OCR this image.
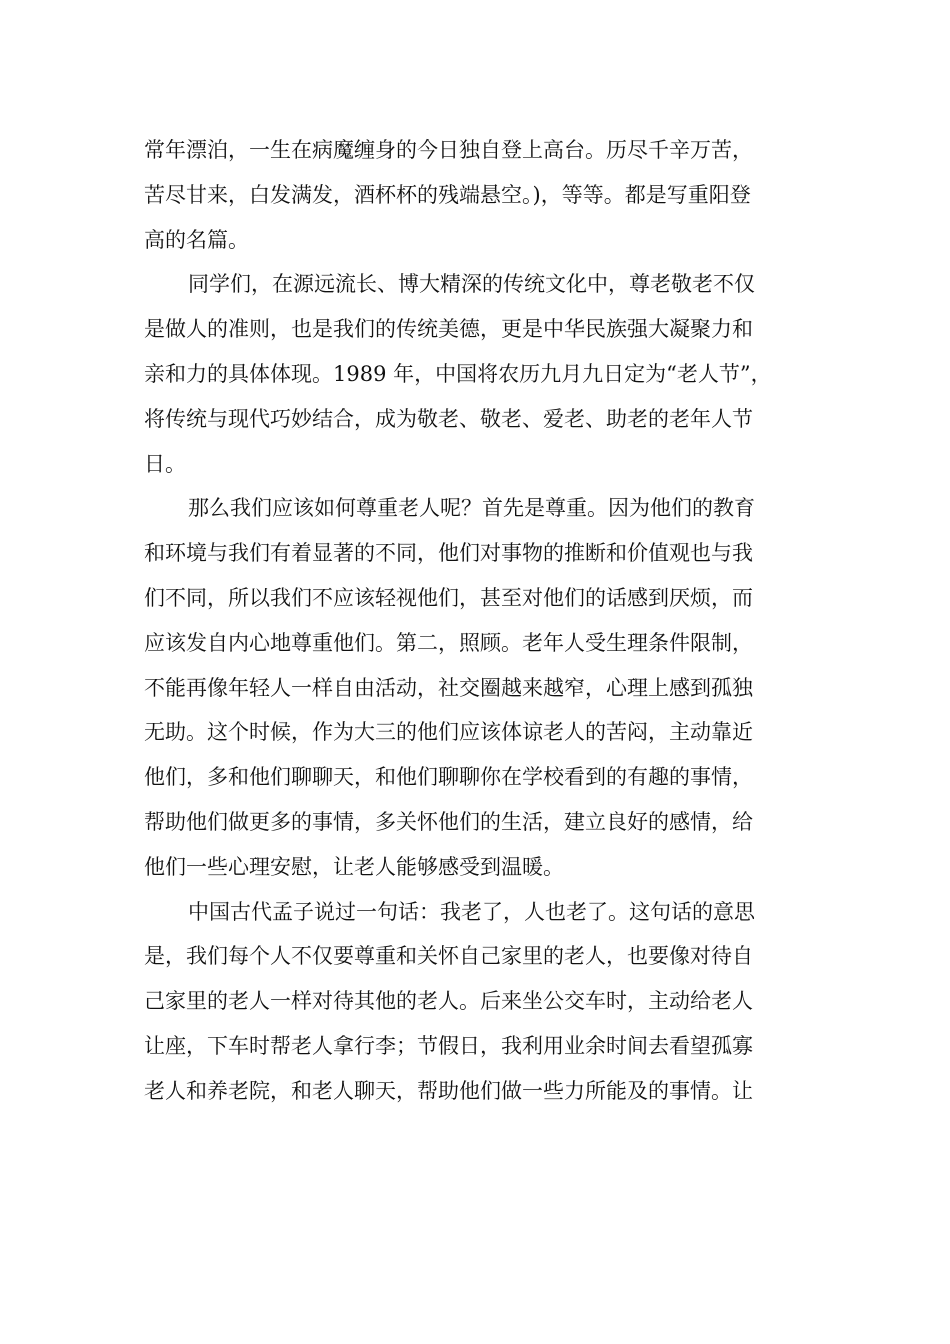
常年漂泊，一生在病魔缠身的今日独自登上高台。历尽千辛万苦，
苦尽甘来，白发满发，酒杯杯的残端悬空。)，等等。都是写重阳登
高的名篇。
同学们，在源远流长、博大精深的传统文化中，尊老敬老不仅
是做人的准则，也是我们的传统美德，更是中华民族强大凝聚力和
亲和力的具体体现。1989 年，中国将农历九月九日定为“老人节”，
将传统与现代巧妙结合，成为敬老、敬老、爱老、助老的老年人节
日。
那么我们应该如何尊重老人呢？首先是尊重。因为他们的教育
和环境与我们有着显著的不同，他们对事物的推断和价值观也与我
们不同，所以我们不应该轻视他们，甚至对他们的话感到厌烦，而
应该发自内心地尊重他们。第二，照顾。老年人受生理条件限制，
不能再像年轻人一样自由活动，社交圈越来越窄，心理上感到孤独
无助。这个时候，作为大三的他们应该体谅老人的苦闷，主动靠近
他们，多和他们聊聊天，和他们聊聊你在学校看到的有趣的事情，
帮助他们做更多的事情，多关怀他们的生活，建立良好的感情，给
他们一些心理安慰，让老人能够感受到温暖。
中国古代孟子说过一句话：我老了，人也老了。这句话的意思
是，我们每个人不仅要尊重和关怀自己家里的老人，也要像对待自
己家里的老人一样对待其他的老人。后来坐公交车时，主动给老人
让座，下车时帮老人拿行李；节假日，我利用业余时间去看望孤寡
老人和养老院，和老人聊天，帮助他们做一些力所能及的事情。让
